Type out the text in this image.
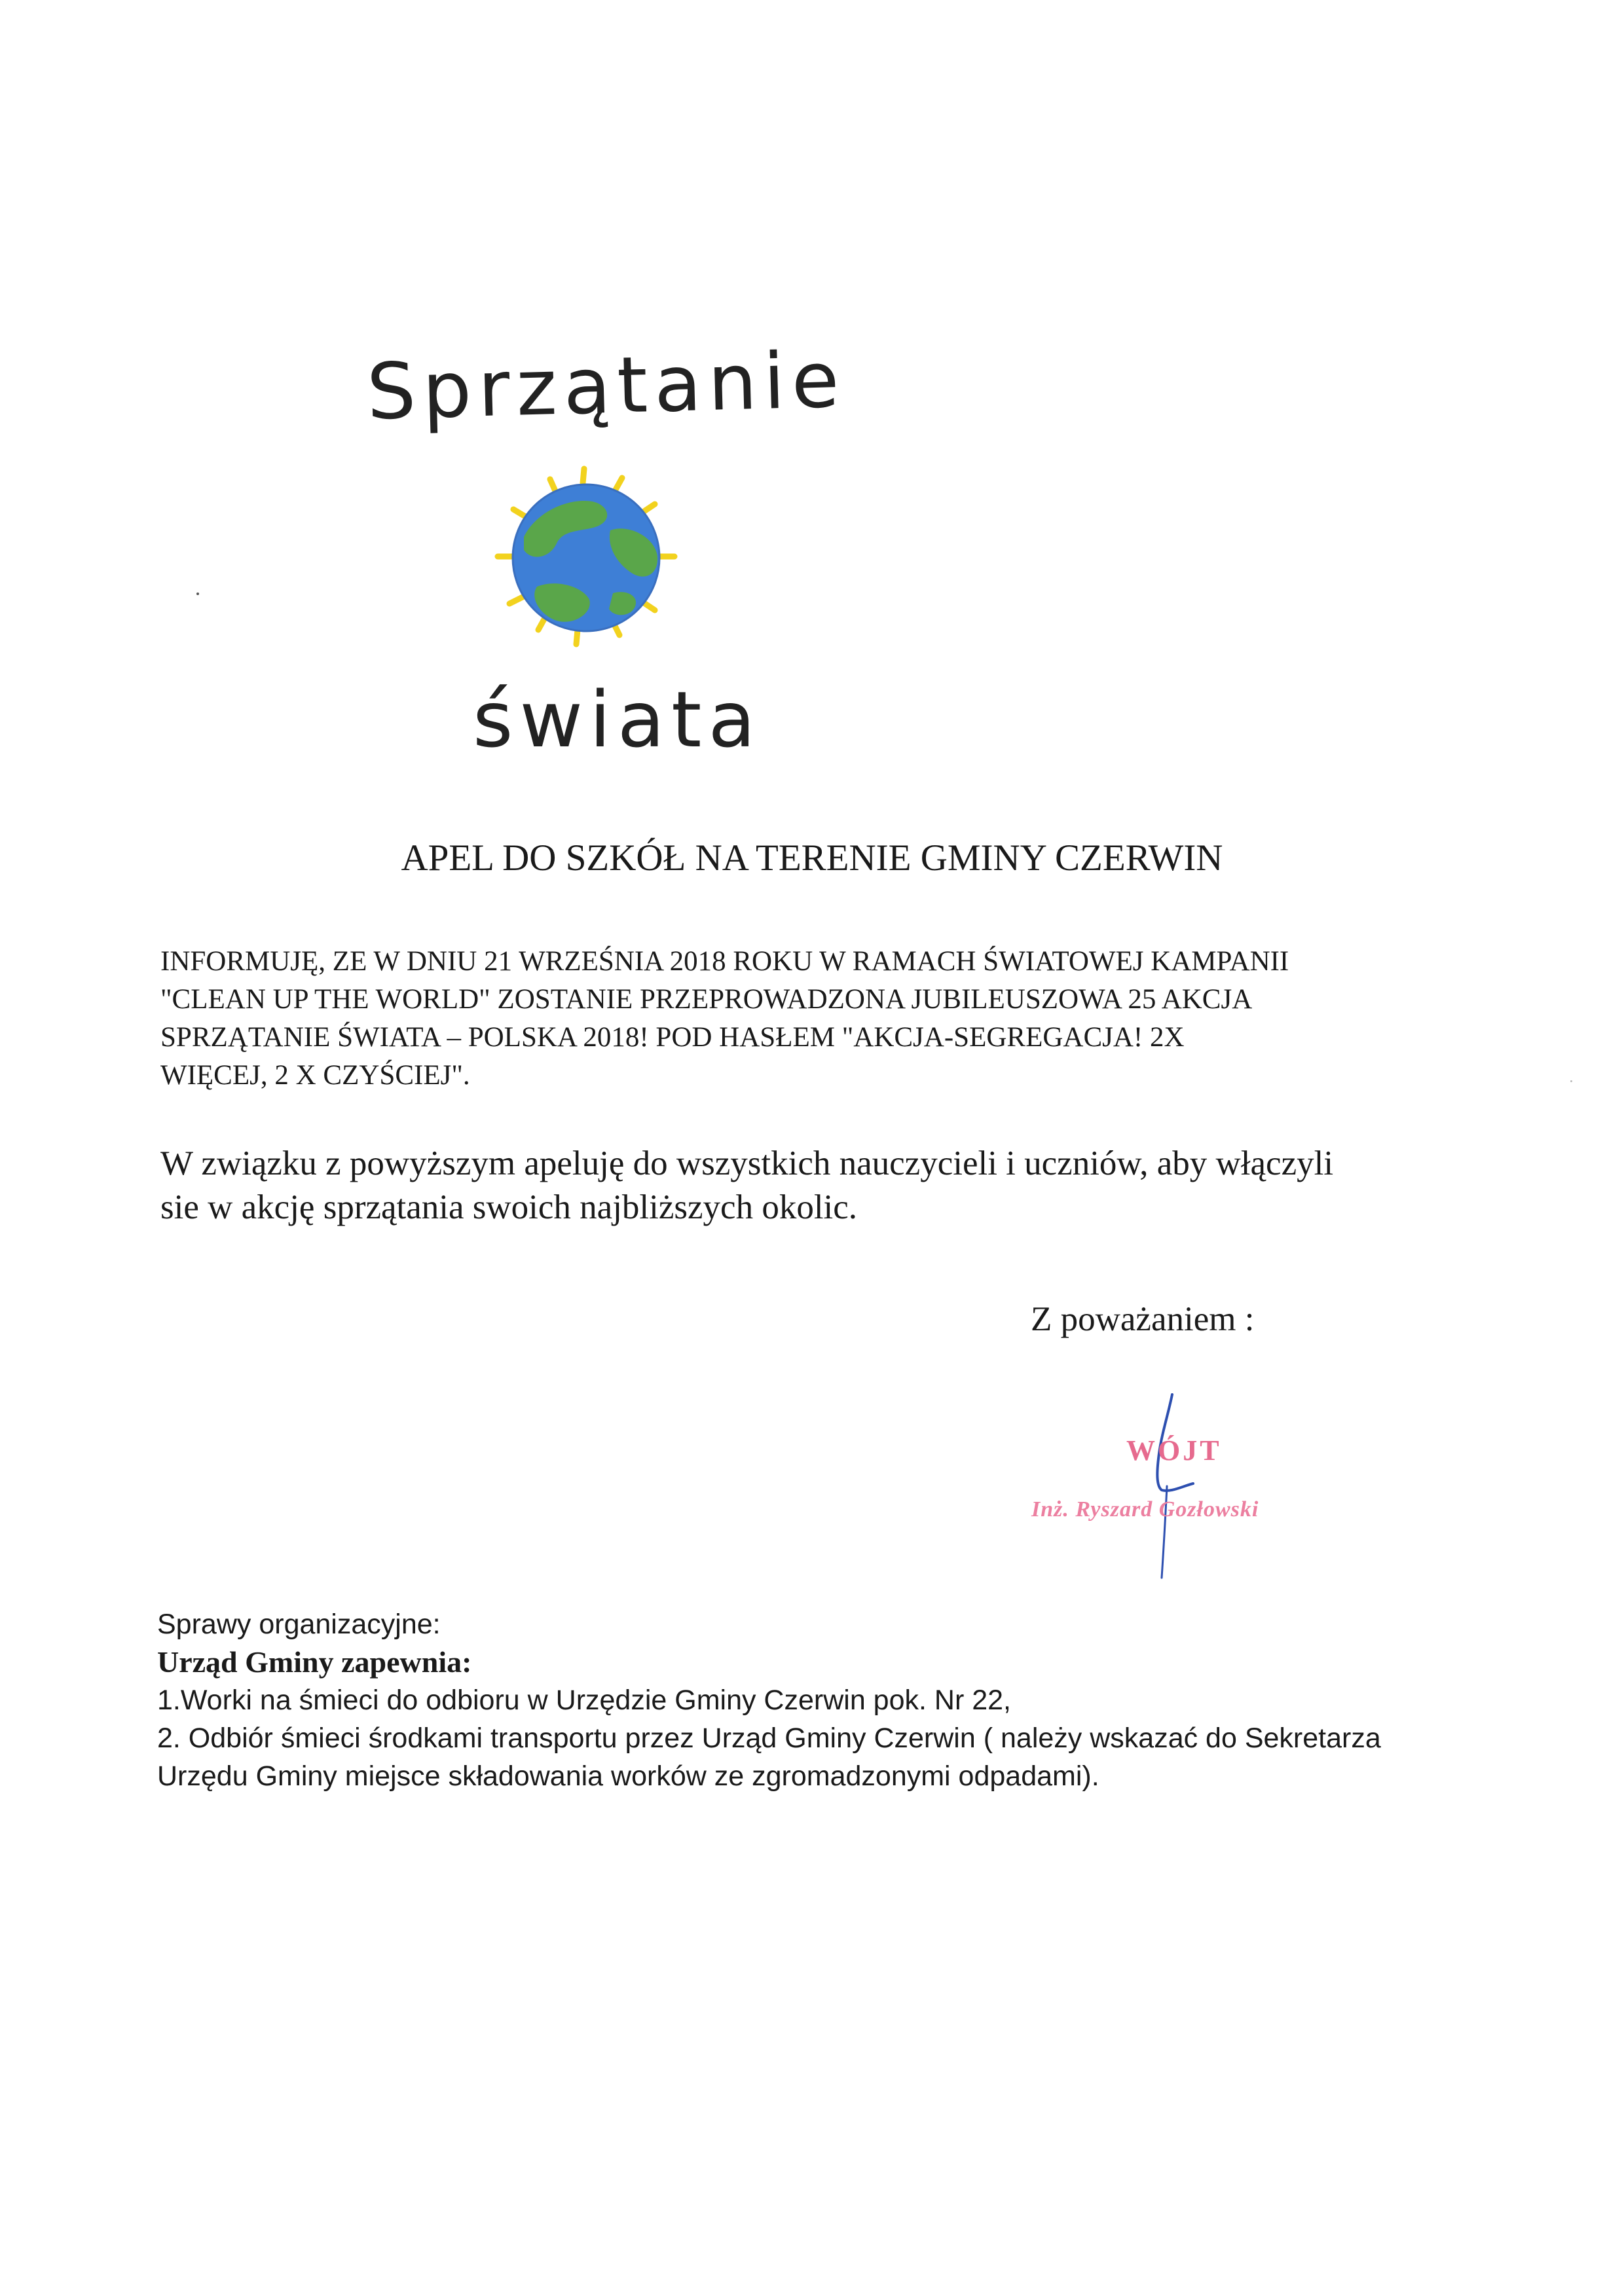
Sprzątanie
świata
APEL DO SZKÓŁ NA TERENIE GMINY CZERWIN
INFORMUJĘ, ZE W DNIU 21 WRZEŚNIA 2018 ROKU W RAMACH ŚWIATOWEJ KAMPANII
"CLEAN UP THE WORLD" ZOSTANIE PRZEPROWADZONA JUBILEUSZOWA 25 AKCJA
SPRZĄTANIE ŚWIATA – POLSKA 2018! POD HASŁEM "AKCJA-SEGREGACJA! 2X
WIĘCEJ, 2 X CZYŚCIEJ".
W związku z powyższym apeluję do wszystkich nauczycieli i uczniów, aby włączyli
sie w akcję sprzątania swoich najbliższych okolic.
Z poważaniem :
WÓJT
Inż. Ryszard Gozłowski
Sprawy organizacyjne:
Urząd Gminy zapewnia:
1.Worki na śmieci do odbioru w Urzędzie Gminy Czerwin pok. Nr 22,
2. Odbiór śmieci środkami transportu przez Urząd Gminy Czerwin ( należy wskazać do Sekretarza
Urzędu Gminy miejsce składowania worków ze zgromadzonymi odpadami).
